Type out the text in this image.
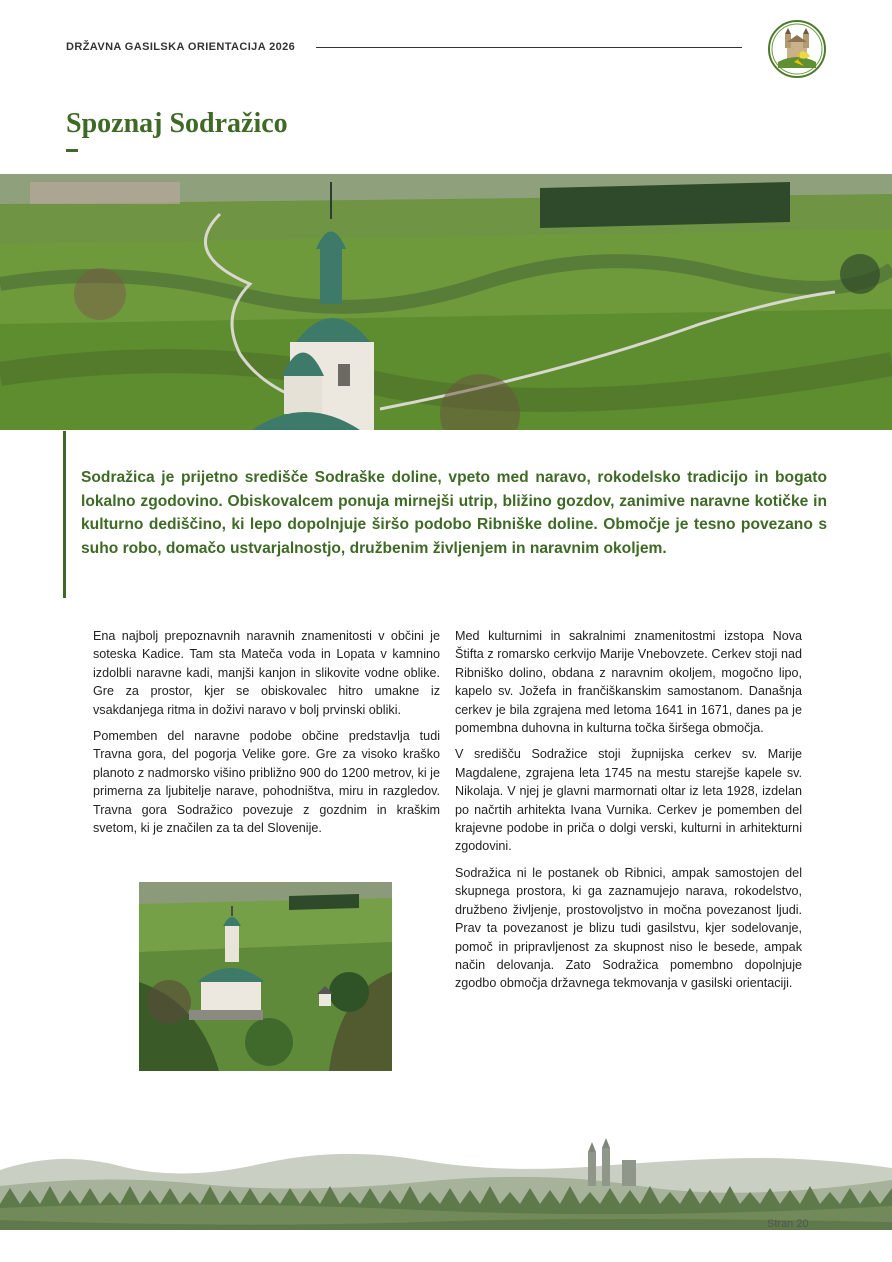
DRŽAVNA GASILSKA ORIENTACIJA 2026
Spoznaj Sodražico

Sodražica je prijetno središče Sodraške doline, vpeto med naravo, rokodelsko tradicijo in bogato lokalno zgodovino. Obiskovalcem ponuja mirnejši utrip, bližino gozdov, zanimive naravne kotičke in kulturno dediščino, ki lepo dopolnjuje širšo podobo Ribniške doline. Območje je tesno povezano s suho robo, domačo ustvarjalnostjo, družbenim življenjem in naravnim okoljem.

Ena najbolj prepoznavnih naravnih znamenitosti v občini je soteska Kadice. Tam sta Mateča voda in Lopata v kamnino izdolbli naravne kadi, manjši kanjon in slikovite vodne oblike. Gre za prostor, kjer se obiskovalec hitro umakne iz vsakdanjega ritma in doživi naravo v bolj prvinski obliki.

Pomemben del naravne podobe občine predstavlja tudi Travna gora, del pogorja Velike gore. Gre za visoko kraško planoto z nadmorsko višino približno 900 do 1200 metrov, ki je primerna za ljubitelje narave, pohodništva, miru in razgledov. Travna gora Sodražico povezuje z gozdnim in kraškim svetom, ki je značilen za ta del Slovenije.

Med kulturnimi in sakralnimi znamenitostmi izstopa Nova Štifta z romarsko cerkvijo Marije Vnebovzete. Cerkev stoji nad Ribniško dolino, obdana z naravnim okoljem, mogočno lipo, kapelo sv. Jožefa in frančiškanskim samostanom. Današnja cerkev je bila zgrajena med letoma 1641 in 1671, danes pa je pomembna duhovna in kulturna točka širšega območja.

V središču Sodražice stoji župnijska cerkev sv. Marije Magdalene, zgrajena leta 1745 na mestu starejše kapele sv. Nikolaja. V njej je glavni marmornati oltar iz leta 1928, izdelan po načrtih arhitekta Ivana Vurnika. Cerkev je pomemben del krajevne podobe in priča o dolgi verski, kulturni in arhitekturni zgodovini.

Sodražica ni le postanek ob Ribnici, ampak samostojen del skupnega prostora, ki ga zaznamujejo narava, rokodelstvo, družbeno življenje, prostovoljstvo in močna povezanost ljudi. Prav ta povezanost je blizu tudi gasilstvu, kjer sodelovanje, pomoč in pripravljenost za skupnost niso le besede, ampak način delovanja. Zato Sodražica pomembno dopolnjuje zgodbo območja državnega tekmovanja v gasilski orientaciji.

Stran 20
